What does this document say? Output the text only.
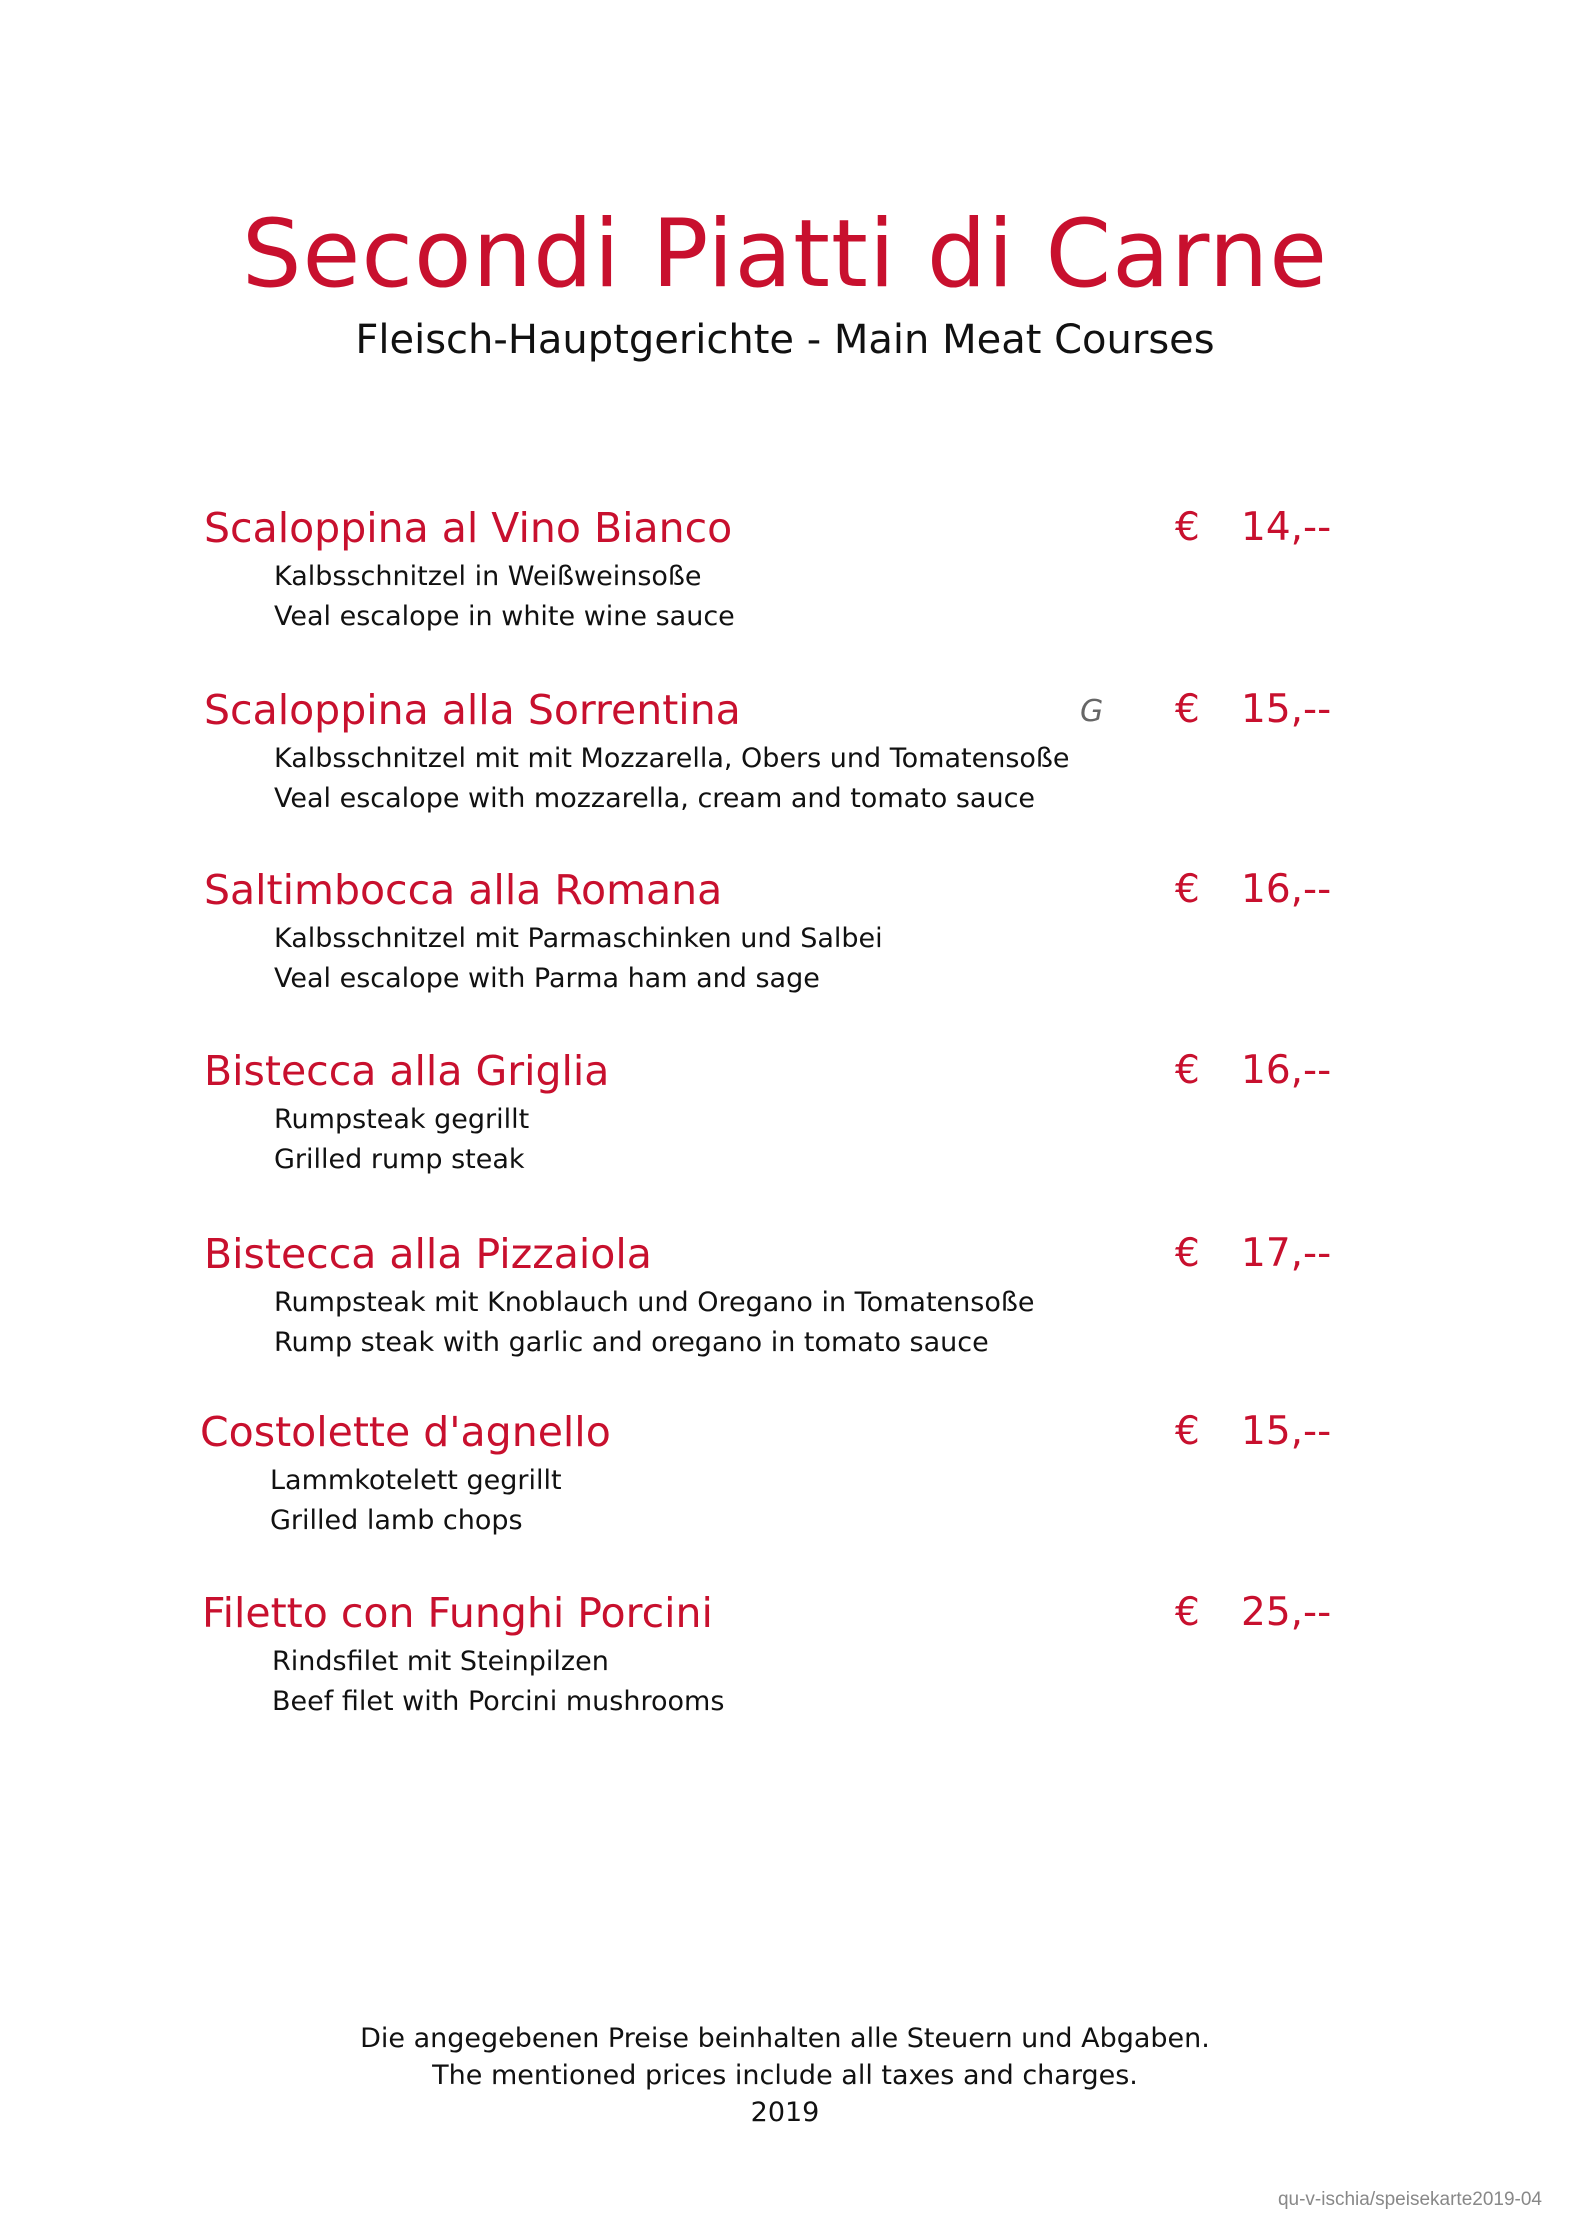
Secondi Piatti di Carne
Fleisch-Hauptgerichte - Main Meat Courses
Scaloppina al Vino Bianco
Kalbsschnitzel in Weißweinsoße
Veal escalope in white wine sauce
€ 14,--
Scaloppina alla Sorrentina
Kalbsschnitzel mit mit Mozzarella, Obers und Tomatensoße
Veal escalope with mozzarella, cream and tomato sauce
G € 15,--
Saltimbocca alla Romana
Kalbsschnitzel mit Parmaschinken und Salbei
Veal escalope with Parma ham and sage
€ 16,--
Bistecca alla Griglia
Rumpsteak gegrillt
Grilled rump steak
€ 16,--
Bistecca alla Pizzaiola
Rumpsteak mit Knoblauch und Oregano in Tomatensoße
Rump steak with garlic and oregano in tomato sauce
€ 17,--
Costolette d'agnello
Lammkotelett gegrillt
Grilled lamb chops
€ 15,--
Filetto con Funghi Porcini
Rindsfilet mit Steinpilzen
Beef filet with Porcini mushrooms
€ 25,--
Die angegebenen Preise beinhalten alle Steuern und Abgaben.
The mentioned prices include all taxes and charges.
2019
qu-v-ischia/speisekarte2019-04
